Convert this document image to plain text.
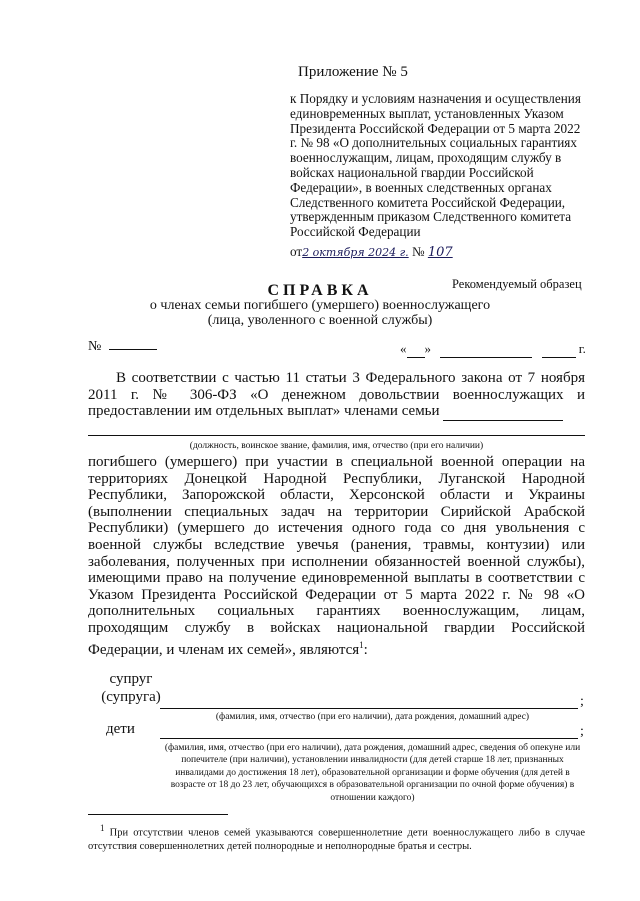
Приложение № 5
к Порядку и условиям назначения и осуществления единовременных выплат, установленных Указом Президента Российской Федерации от 5 марта 2022 г. № 98 «О дополнительных социальных гарантиях военнослужащим, лицам, проходящим службу в войсках национальной гвардии Российской Федерации», в военных следственных органах Следственного комитета Российской Федерации, утвержденным приказом Следственного комитета Российской Федерации
от2 октября 2024 г. № 107
Рекомендуемый образец
СПРАВКА
о членах семьи погибшего (умершего) военнослужащего
(лица, уволенного с военной службы)
№	« »	г.

В соответствии с частью 11 статьи 3 Федерального закона от 7 ноября 2011 г. № 306-ФЗ «О денежном довольствии военнослужащих и предоставлении им отдельных выплат» членами семьи

(должность, воинское звание, фамилия, имя, отчество (при его наличии)
погибшего (умершего) при участии в специальной военной операции на территориях Донецкой Народной Республики, Луганской Народной Республики, Запорожской области, Херсонской области и Украины (выполнении специальных задач на территории Сирийской Арабской Республики) (умершего до истечения одного года со дня увольнения с военной службы вследствие увечья (ранения, травмы, контузии) или заболевания, полученных при исполнении обязанностей военной службы), имеющими право на получение единовременной выплаты в соответствии с Указом Президента Российской Федерации от 5 марта 2022 г. № 98 «О дополнительных социальных гарантиях военнослужащим, лицам, проходящим службу в войсках национальной гвардии Российской Федерации, и членам их семей», являются$^1$:
супруг
(супруга)	;
(фамилия, имя, отчество (при его наличии), дата рождения, домашний адрес)
дети	;
(фамилия, имя, отчество (при его наличии), дата рождения, домашний адрес, сведения об опекуне или попечителе (при наличии), установлении инвалидности (для детей старше 18 лет, признанных инвалидами до достижения 18 лет), образовательной организации и форме обучения (для детей в возрасте от 18 до 23 лет, обучающихся в образовательной организации по очной форме обучения) в отношении каждого)
$^1$ При отсутствии членов семей указываются совершеннолетние дети военнослужащего либо в случае отсутствия совершеннолетних детей полнородные и неполнородные братья и сестры.
